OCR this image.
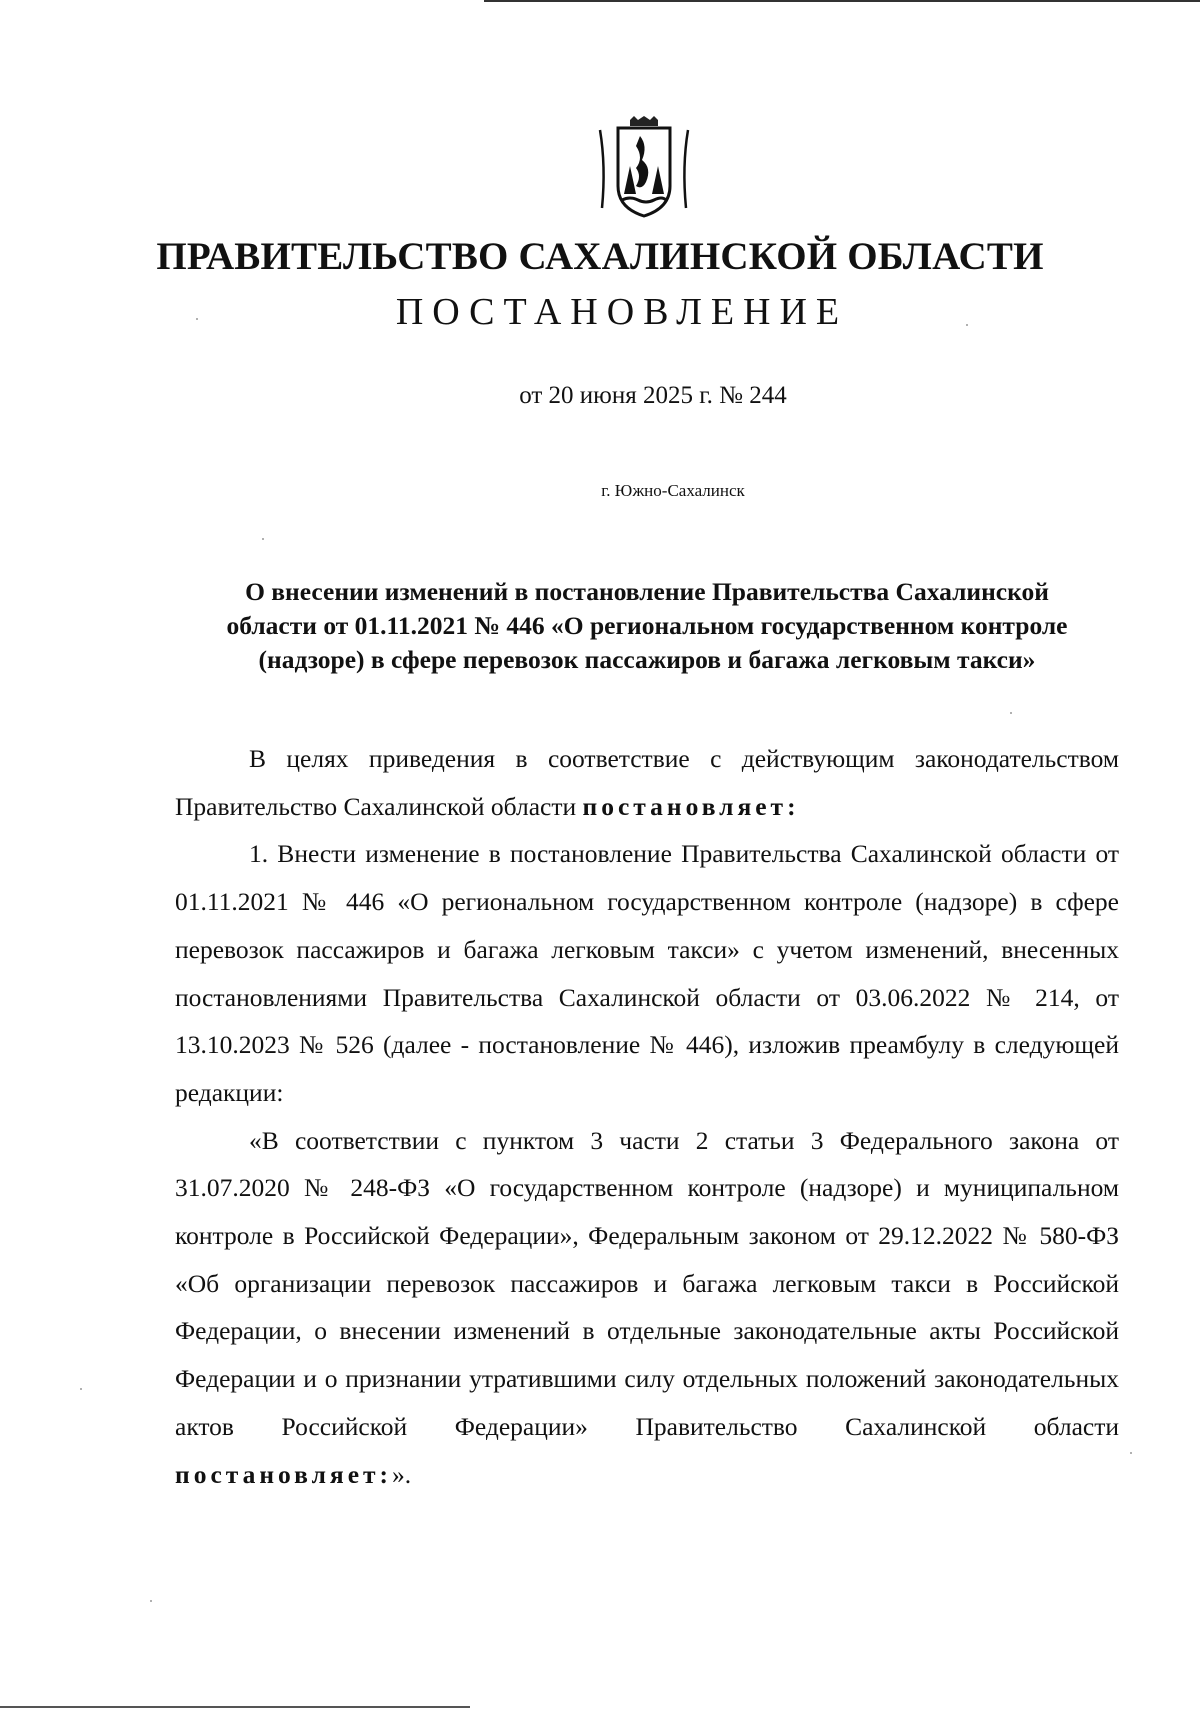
ПРАВИТЕЛЬСТВО САХАЛИНСКОЙ ОБЛАСТИ
ПОСТАНОВЛЕНИЕ
от 20 июня 2025 г. № 244
г. Южно-Сахалинск
О внесении изменений в постановление Правительства Сахалинской
области от 01.11.2021 № 446 «О региональном государственном контроле
(надзоре) в сфере перевозок пассажиров и багажа легковым такси»

В целях приведения в соответствие с действующим законодательством Правительство Сахалинской области постановляет:

1. Внести изменение в постановление Правительства Сахалинской области от 01.11.2021 № 446 «О региональном государственном контроле (надзоре) в сфере перевозок пассажиров и багажа легковым такси» с учетом изменений, внесенных постановлениями Правительства Сахалинской области от 03.06.2022 № 214, от 13.10.2023 № 526 (далее - постановление № 446), изложив преамбулу в следующей редакции:

«В соответствии с пунктом 3 части 2 статьи 3 Федерального закона от 31.07.2020 № 248-ФЗ «О государственном контроле (надзоре) и муниципальном контроле в Российской Федерации», Федеральным законом от 29.12.2022 № 580-ФЗ «Об организации перевозок пассажиров и багажа легковым такси в Российской Федерации, о внесении изменений в отдельные законодательные акты Российской Федерации и о признании утратившими силу отдельных положений законодательных актов Российской Федерации» Правительство Сахалинской области постановляет:».
